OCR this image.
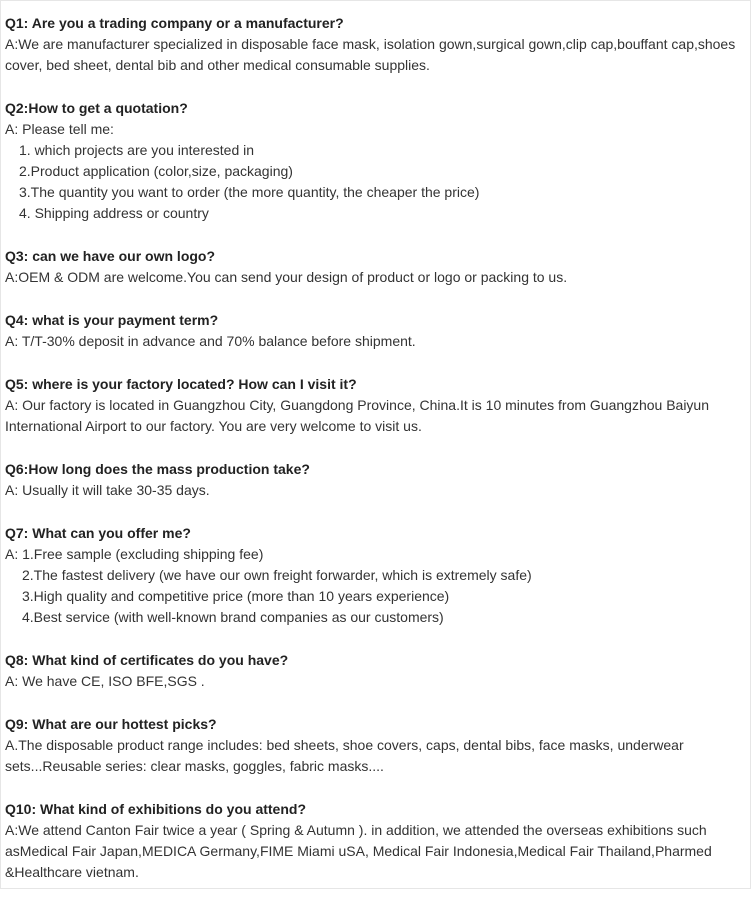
Q1: Are you a trading company or a manufacturer?
A:We are manufacturer specialized in disposable face mask, isolation gown,surgical gown,clip cap,bouffant cap,shoes
cover, bed sheet, dental bib and other medical consumable supplies.
Q2:How to get a quotation?
A: Please tell me:
1. which projects are you interested in
2.Product application (color,size, packaging)
3.The quantity you want to order (the more quantity, the cheaper the price)
4. Shipping address or country
Q3: can we have our own logo?
A:OEM & ODM are welcome.You can send your design of product or logo or packing to us.
Q4: what is your payment term?
A: T/T-30% deposit in advance and 70% balance before shipment.
Q5: where is your factory located? How can I visit it?
A: Our factory is located in Guangzhou City, Guangdong Province, China.It is 10 minutes from Guangzhou Baiyun
International Airport to our factory. You are very welcome to visit us.
Q6:How long does the mass production take?
A: Usually it will take 30-35 days.
Q7: What can you offer me?
A: 1.Free sample (excluding shipping fee)
2.The fastest delivery (we have our own freight forwarder, which is extremely safe)
3.High quality and competitive price (more than 10 years experience)
4.Best service (with well-known brand companies as our customers)
Q8: What kind of certificates do you have?
A: We have CE, ISO BFE,SGS .
Q9: What are our hottest picks?
A.The disposable product range includes: bed sheets, shoe covers, caps, dental bibs, face masks, underwear
sets...Reusable series: clear masks, goggles, fabric masks....
Q10: What kind of exhibitions do you attend?
A:We attend Canton Fair twice a year ( Spring & Autumn ). in addition, we attended the overseas exhibitions such
asMedical Fair Japan,MEDICA Germany,FIME Miami uSA, Medical Fair Indonesia,Medical Fair Thailand,Pharmed
&Healthcare vietnam.
